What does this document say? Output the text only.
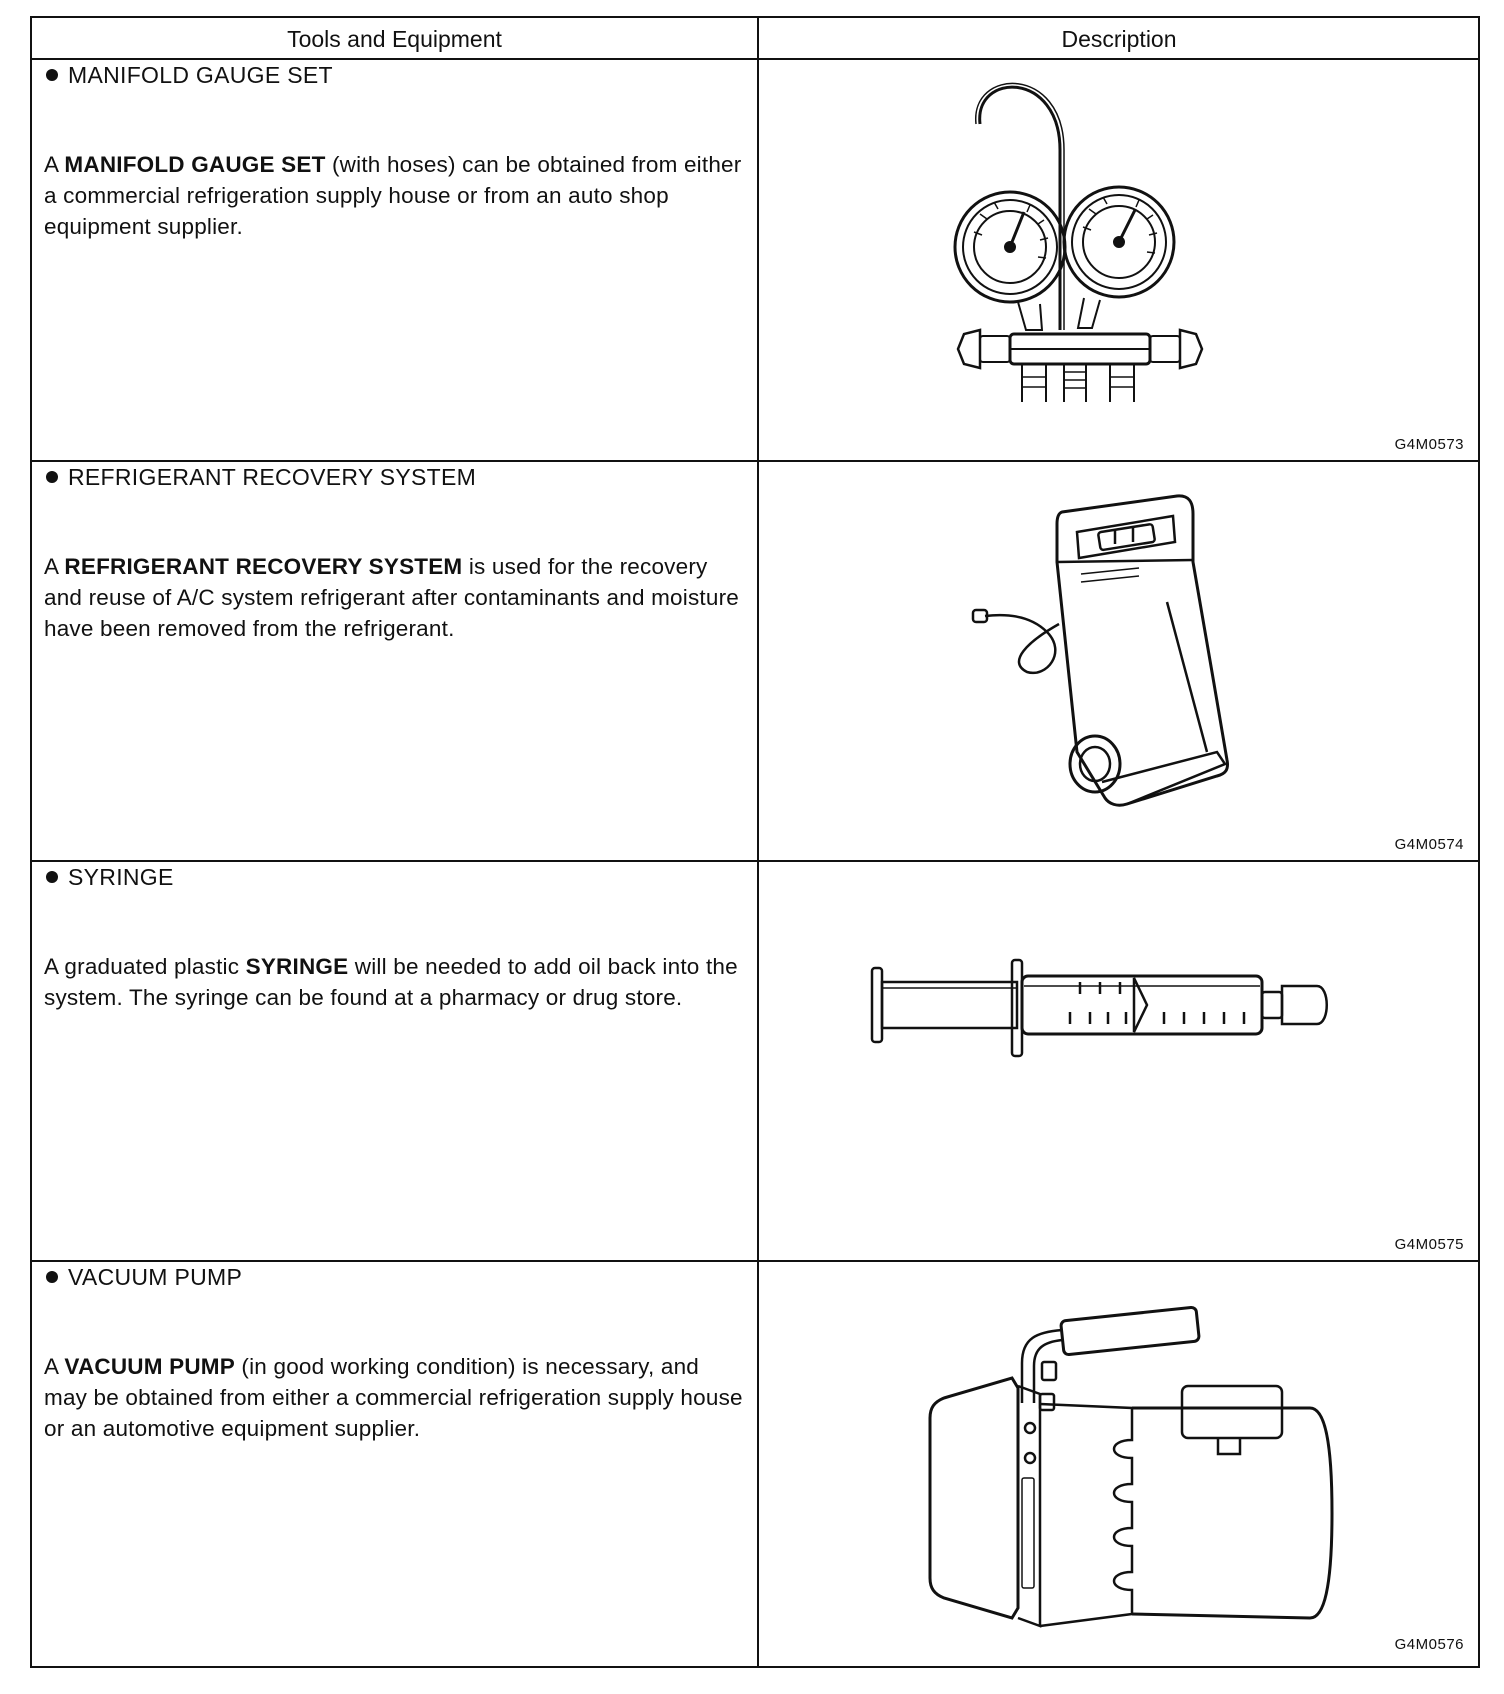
Tools and Equipment	Description
MANIFOLD GAUGE SET
A MANIFOLD GAUGE SET (with hoses) can be obtained from either a commercial refrigeration supply house or from an auto shop equipment supplier.
G4M0573
REFRIGERANT RECOVERY SYSTEM
A REFRIGERANT RECOVERY SYSTEM is used for the recovery and reuse of A/C system refrigerant after contaminants and moisture have been removed from the refrigerant.
G4M0574
SYRINGE
A graduated plastic SYRINGE will be needed to add oil back into the system. The syringe can be found at a pharmacy or drug store.
G4M0575
VACUUM PUMP
A VACUUM PUMP (in good working condition) is necessary, and may be obtained from either a commercial refrigeration supply house or an automotive equipment supplier.
G4M0576
